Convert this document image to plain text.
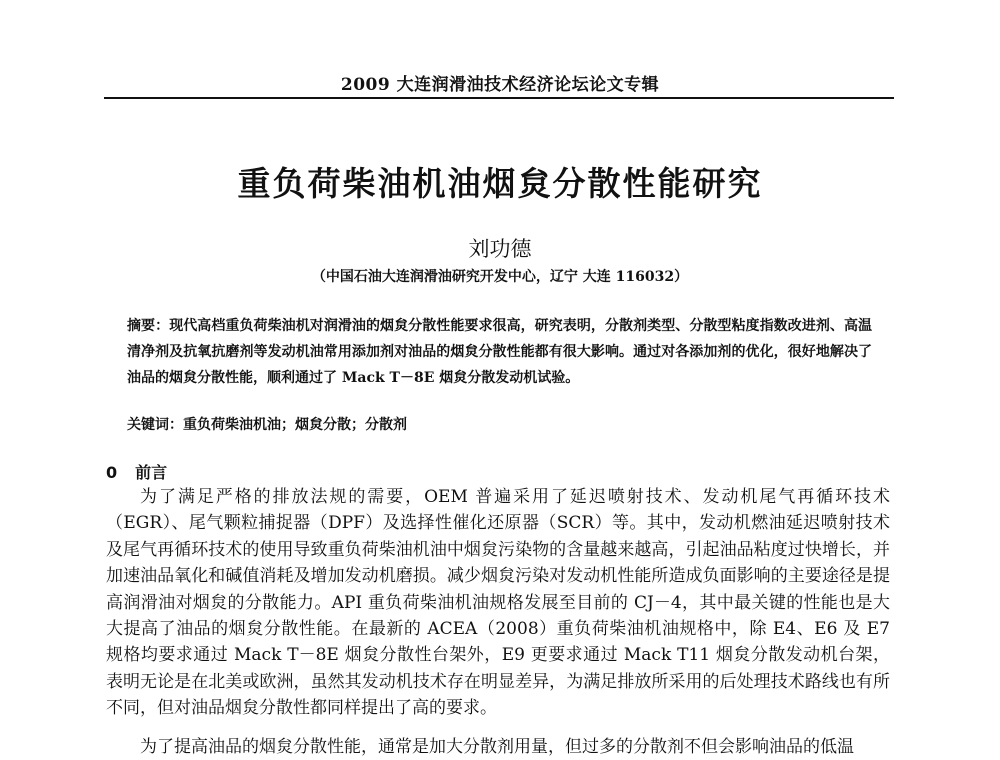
2009 大连润滑油技术经济论坛论文专辑
重负荷柴油机油烟炱分散性能研究
刘功德
（中国石油大连润滑油研究开发中心，辽宁 大连 116032）

摘要：现代高档重负荷柴油机对润滑油的烟炱分散性能要求很高，研究表明，分散剂类型、分散型粘度指数改进剂、高温清净剂及抗氧抗磨剂等发动机油常用添加剂对油品的烟炱分散性能都有很大影响。通过对各添加剂的优化，很好地解决了油品的烟炱分散性能，顺利通过了 Mack T－8E 烟炱分散发动机试验。

关键词：重负荷柴油机油；烟炱分散；分散剂

0 前言

为了满足严格的排放法规的需要，OEM 普遍采用了延迟喷射技术、发动机尾气再循环技术（EGR）、尾气颗粒捕捉器（DPF）及选择性催化还原器（SCR）等。其中，发动机燃油延迟喷射技术及尾气再循环技术的使用导致重负荷柴油机油中烟炱污染物的含量越来越高，引起油品粘度过快增长，并加速油品氧化和碱值消耗及增加发动机磨损。减少烟炱污染对发动机性能所造成负面影响的主要途径是提高润滑油对烟炱的分散能力。API 重负荷柴油机油规格发展至目前的 CJ－4，其中最关键的性能也是大大提高了油品的烟炱分散性能。在最新的 ACEA（2008）重负荷柴油机油规格中，除 E4、E6 及 E7 规格均要求通过 Mack T－8E 烟炱分散性台架外，E9 更要求通过 Mack T11 烟炱分散发动机台架，表明无论是在北美或欧洲，虽然其发动机技术存在明显差异，为满足排放所采用的后处理技术路线也有所不同，但对油品烟炱分散性都同样提出了高的要求。

为了提高油品的烟炱分散性能，通常是加大分散剂用量，但过多的分散剂不但会影响油品的低温
